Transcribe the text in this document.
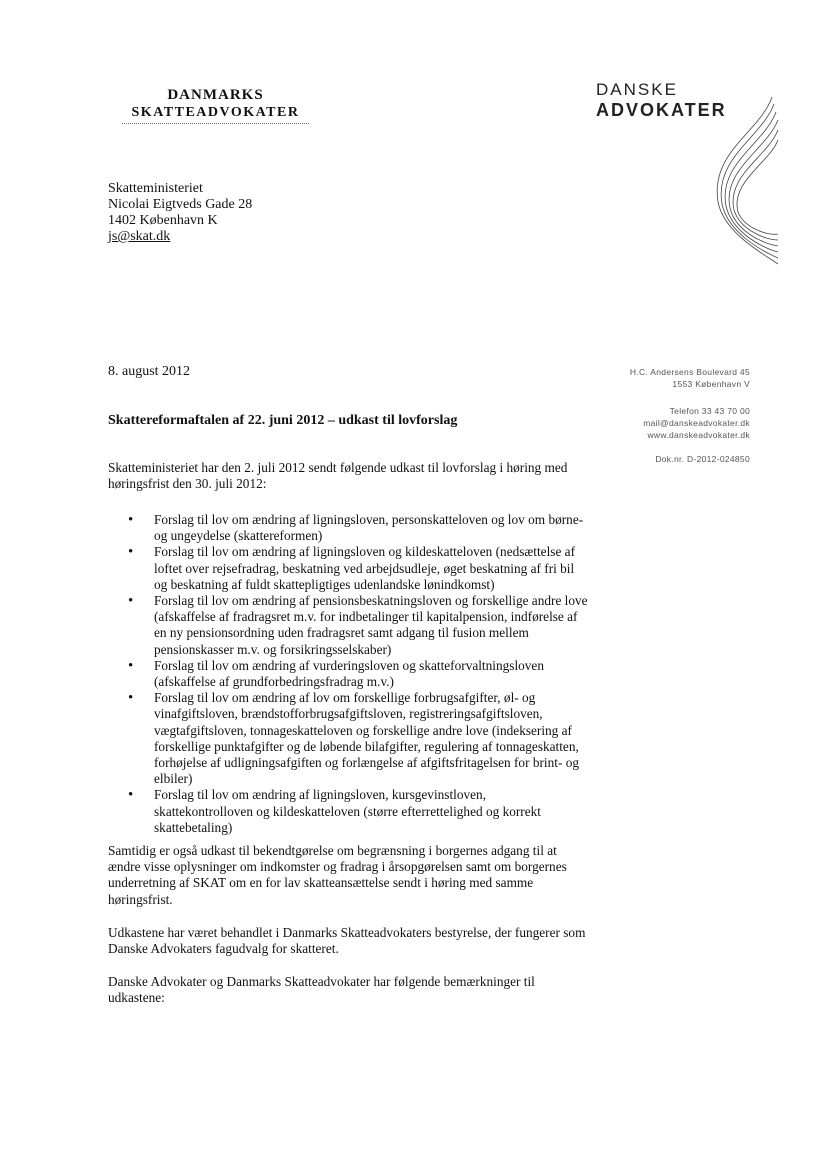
DANMARKS
SKATTEADVOKATER
DANSKE
ADVOKATER
Skatteministeriet
Nicolai Eigtveds Gade 28
1402 København K
js@skat.dk
8. august 2012	H.C. Andersens Boulevard 45
1553 København V
Telefon 33 43 70 00
mail@danskeadvokater.dk
www.danskeadvokater.dk
Dok.nr. D-2012-024850
Skattereformaftalen af 22. juni 2012 – udkast til lovforslag
Skatteministeriet har den 2. juli 2012 sendt følgende udkast til lovforslag i høring med høringsfrist den 30. juli 2012:
• Forslag til lov om ændring af ligningsloven, personskatteloven og lov om børne- og ungeydelse (skattereformen)
• Forslag til lov om ændring af ligningsloven og kildeskatteloven (nedsættelse af loftet over rejsefradrag, beskatning ved arbejdsudleje, øget beskatning af fri bil og beskatning af fuldt skattepligtiges udenlandske lønindkomst)
• Forslag til lov om ændring af pensionsbeskatningsloven og forskellige andre love (afskaffelse af fradragsret m.v. for indbetalinger til kapitalpension, indførelse af en ny pensionsordning uden fradragsret samt adgang til fusion mellem pensionskasser m.v. og forsikringsselskaber)
• Forslag til lov om ændring af vurderingsloven og skatteforvaltningsloven (afskaffelse af grundforbedringsfradrag m.v.)
• Forslag til lov om ændring af lov om forskellige forbrugsafgifter, øl- og vinafgiftsloven, brændstofforbrugsafgiftsloven, registreringsafgiftsloven, vægtafgiftsloven, tonnageskatteloven og forskellige andre love (indeksering af forskellige punktafgifter og de løbende bilafgifter, regulering af tonnageskatten, forhøjelse af udligningsafgiften og forlængelse af afgiftsfritagelsen for brint- og elbiler)
• Forslag til lov om ændring af ligningsloven, kursgevinstloven, skattekontrolloven og kildeskatteloven (større efterrettelighed og korrekt skattebetaling)
Samtidig er også udkast til bekendtgørelse om begrænsning i borgernes adgang til at ændre visse oplysninger om indkomster og fradrag i årsopgørelsen samt om borgernes underretning af SKAT om en for lav skatteansættelse sendt i høring med samme høringsfrist.
Udkastene har været behandlet i Danmarks Skatteadvokaters bestyrelse, der fungerer som Danske Advokaters fagudvalg for skatteret.
Danske Advokater og Danmarks Skatteadvokater har følgende bemærkninger til udkastene:
